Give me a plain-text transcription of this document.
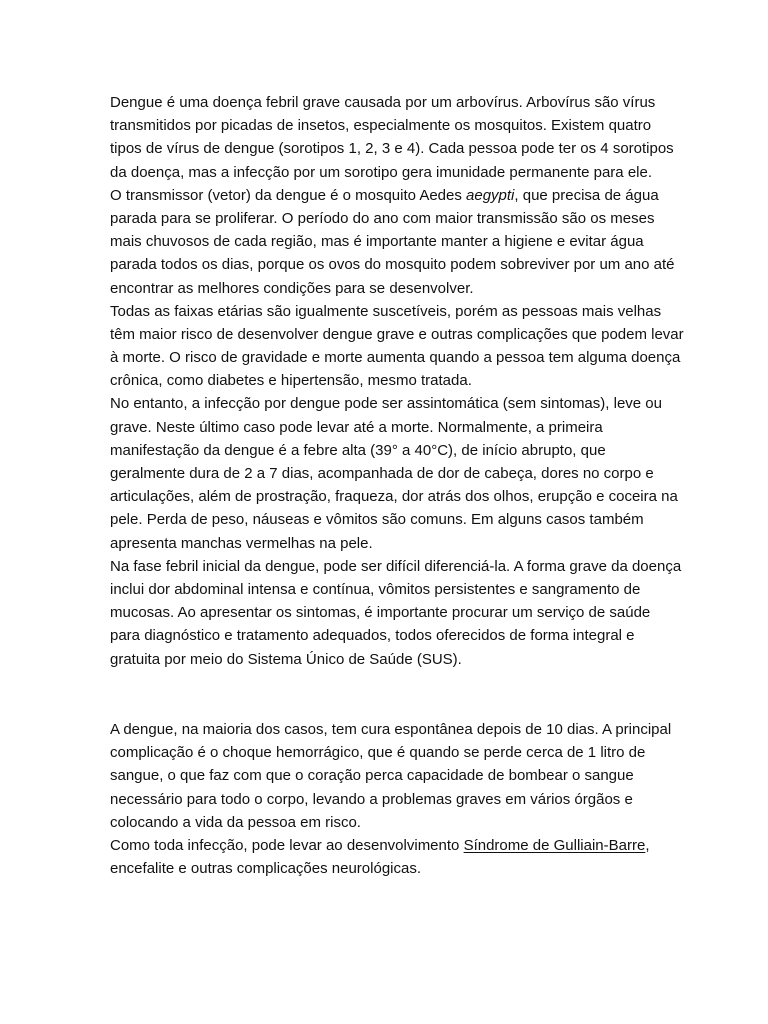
Dengue é uma doença febril grave causada por um arbovírus. Arbovírus são vírus
transmitidos por picadas de insetos, especialmente os mosquitos. Existem quatro
tipos de vírus de dengue (sorotipos 1, 2, 3 e 4). Cada pessoa pode ter os 4 sorotipos
da doença, mas a infecção por um sorotipo gera imunidade permanente para ele.
O transmissor (vetor) da dengue é o mosquito Aedes aegypti, que precisa de água
parada para se proliferar. O período do ano com maior transmissão são os meses
mais chuvosos de cada região, mas é importante manter a higiene e evitar água
parada todos os dias, porque os ovos do mosquito podem sobreviver por um ano até
encontrar as melhores condições para se desenvolver.
Todas as faixas etárias são igualmente suscetíveis, porém as pessoas mais velhas
têm maior risco de desenvolver dengue grave e outras complicações que podem levar
à morte. O risco de gravidade e morte aumenta quando a pessoa tem alguma doença
crônica, como diabetes e hipertensão, mesmo tratada.
No entanto, a infecção por dengue pode ser assintomática (sem sintomas), leve ou
grave. Neste último caso pode levar até a morte. Normalmente, a primeira
manifestação da dengue é a febre alta (39° a 40°C), de início abrupto, que
geralmente dura de 2 a 7 dias, acompanhada de dor de cabeça, dores no corpo e
articulações, além de prostração, fraqueza, dor atrás dos olhos, erupção e coceira na
pele. Perda de peso, náuseas e vômitos são comuns. Em alguns casos também
apresenta manchas vermelhas na pele.
Na fase febril inicial da dengue, pode ser difícil diferenciá-la. A forma grave da doença
inclui dor abdominal intensa e contínua, vômitos persistentes e sangramento de
mucosas. Ao apresentar os sintomas, é importante procurar um serviço de saúde
para diagnóstico e tratamento adequados, todos oferecidos de forma integral e
gratuita por meio do Sistema Único de Saúde (SUS).
A dengue, na maioria dos casos, tem cura espontânea depois de 10 dias. A principal
complicação é o choque hemorrágico, que é quando se perde cerca de 1 litro de
sangue, o que faz com que o coração perca capacidade de bombear o sangue
necessário para todo o corpo, levando a problemas graves em vários órgãos e
colocando a vida da pessoa em risco.
Como toda infecção, pode levar ao desenvolvimento Síndrome de Gulliain-Barre,
encefalite e outras complicações neurológicas.
